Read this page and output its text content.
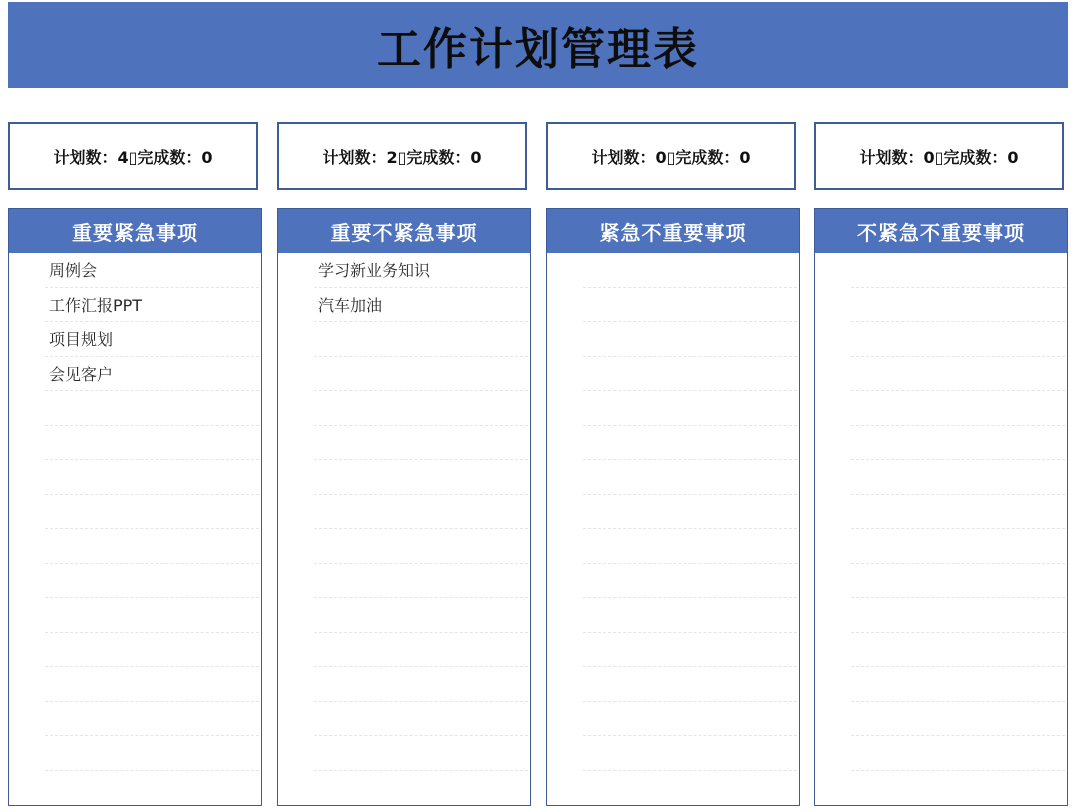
工作计划管理表
计划数：4▯完成数：0	计划数：2▯完成数：0	计划数：0▯完成数：0	计划数：0▯完成数：0
重要紧急事项
周例会
工作汇报PPT
项目规划
会见客户
重要不紧急事项
学习新业务知识
汽车加油
紧急不重要事项	不紧急不重要事项
